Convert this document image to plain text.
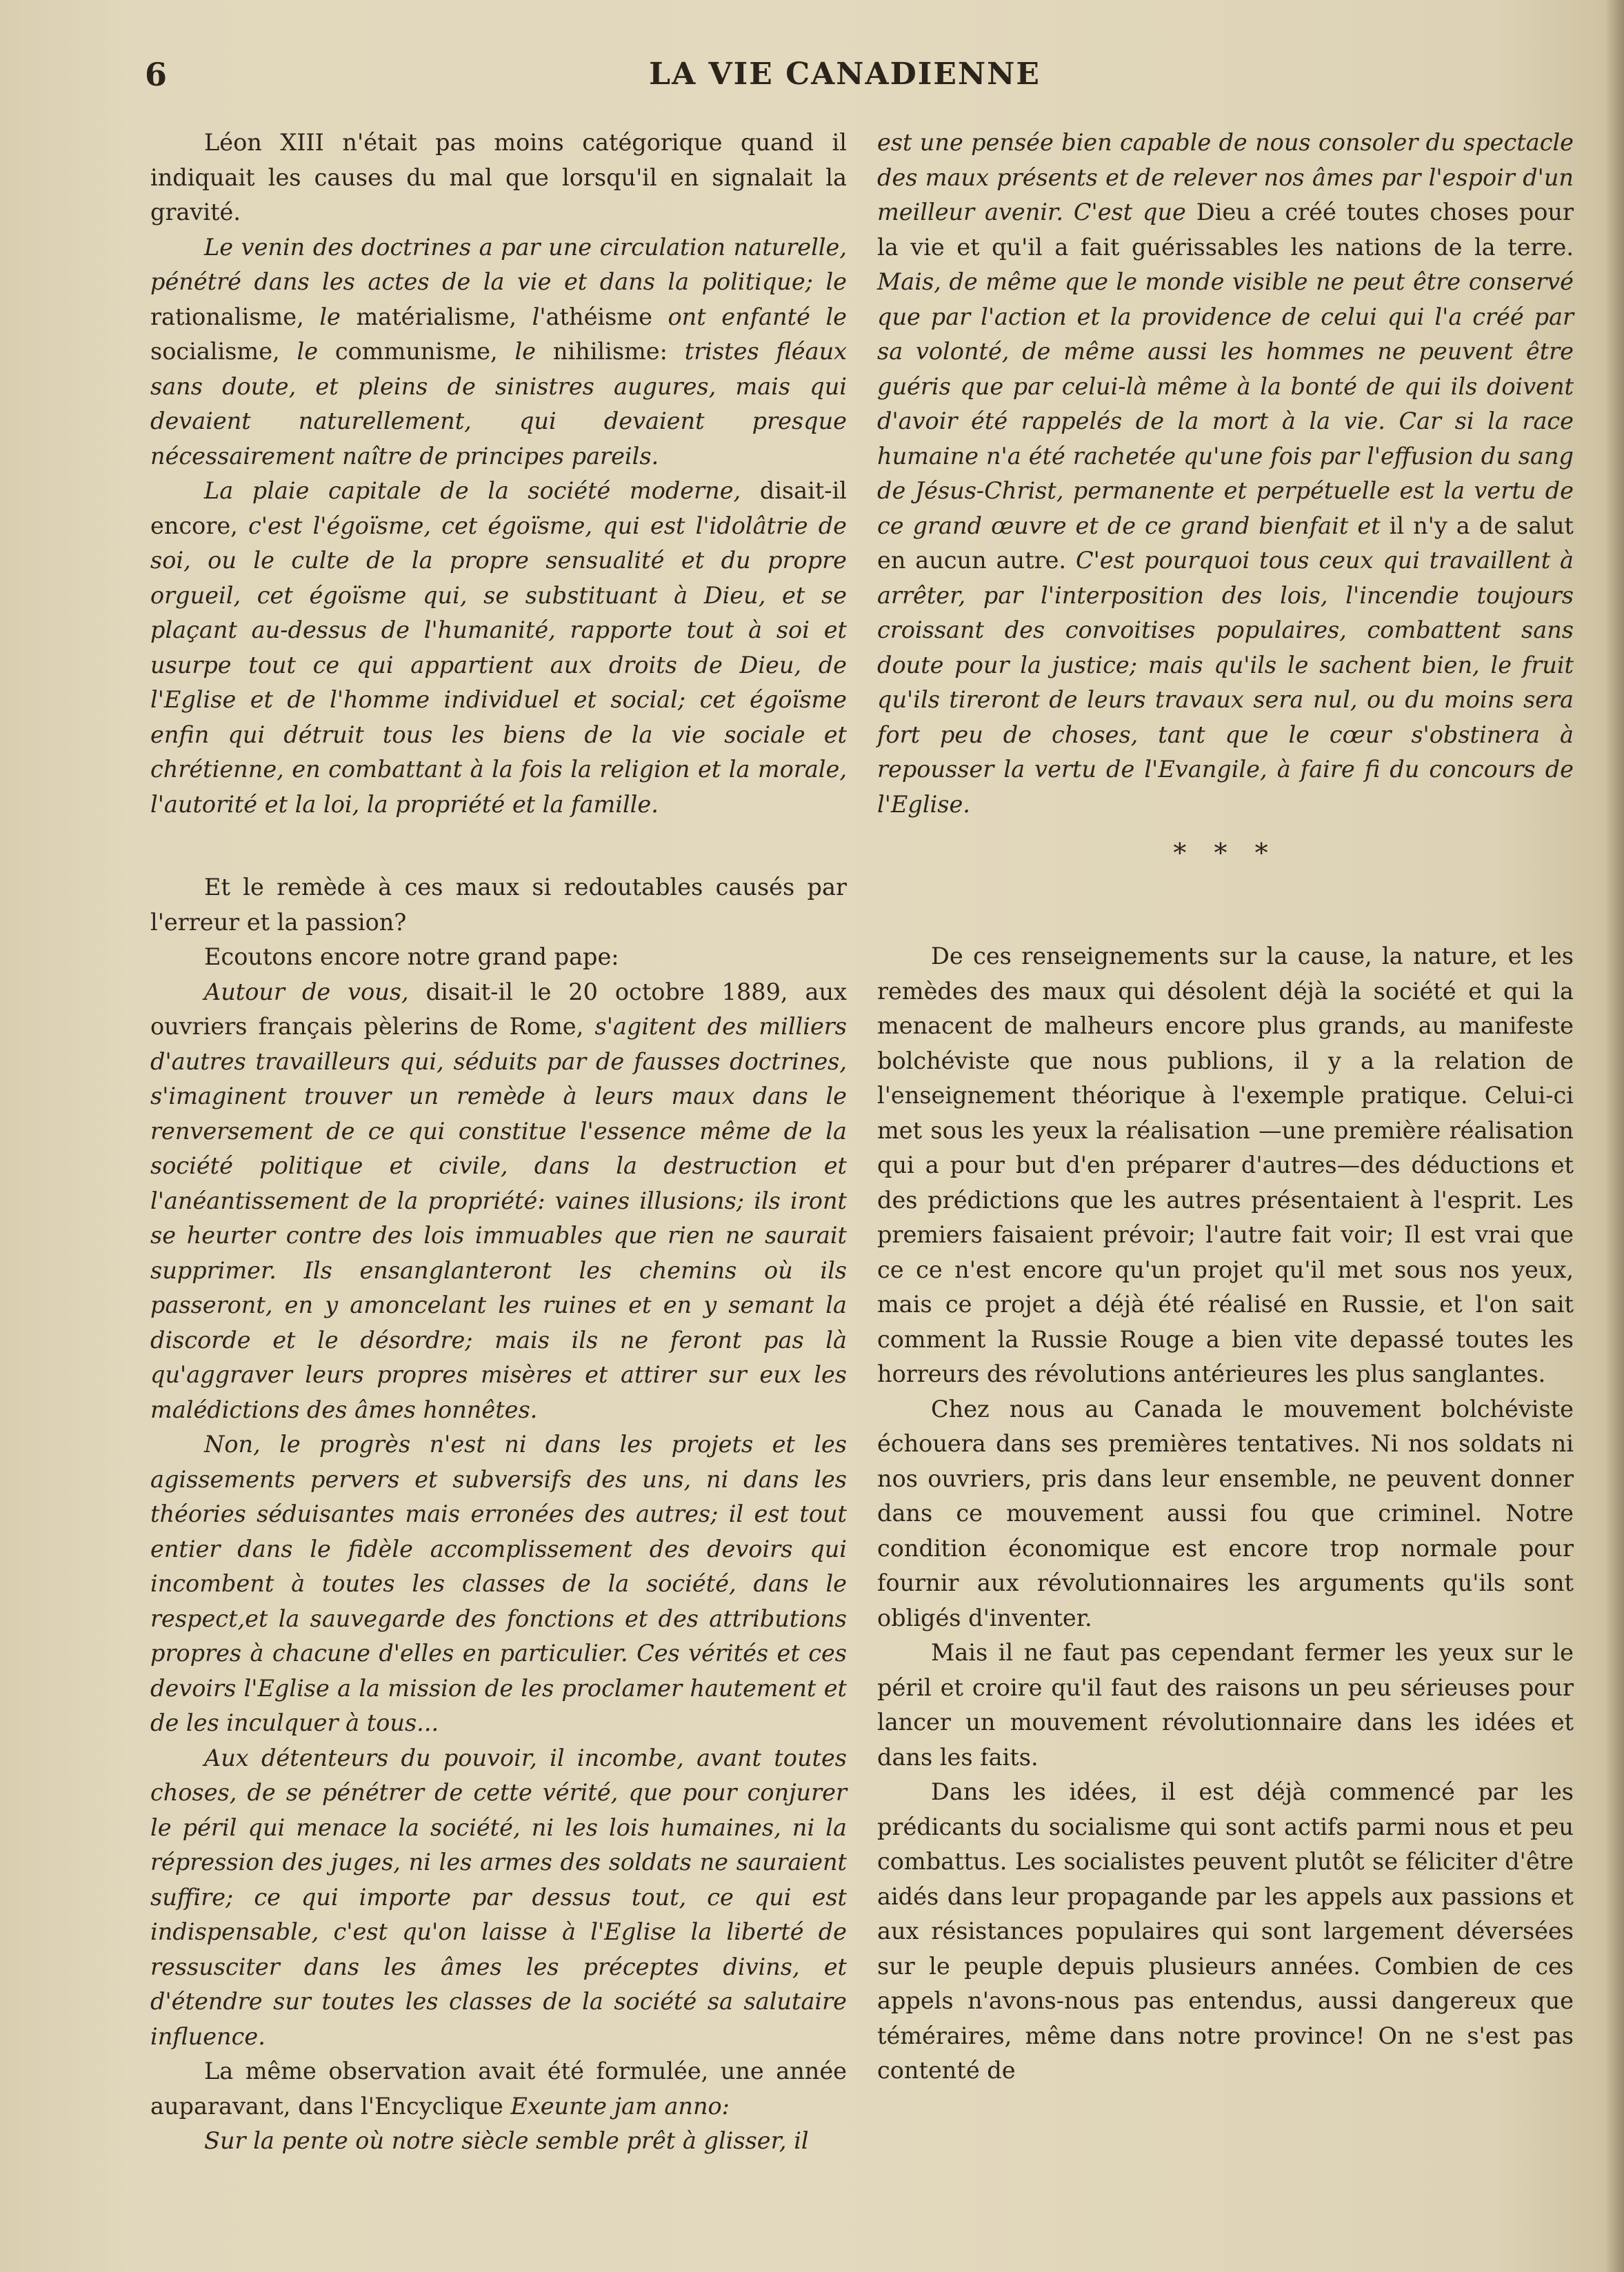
6	LA VIE CANADIENNE

Léon XIII n'était pas moins catégorique quand il indiquait les causes du mal que lorsqu'il en signalait la gravité.

Le venin des doctrines a par une circulation naturelle, pénétré dans les actes de la vie et dans la politique; le rationalisme, le matérialisme, l'athéisme ont enfanté le socialisme, le communisme, le nihilisme: tristes fléaux sans doute, et pleins de sinistres augures, mais qui devaient naturellement, qui devaient presque nécessairement naître de principes pareils.

La plaie capitale de la société moderne, disait-il encore, c'est l'égoïsme, cet égoïsme, qui est l'idolâtrie de soi, ou le culte de la propre sensualité et du propre orgueil, cet égoïsme qui, se substituant à Dieu, et se plaçant au-dessus de l'humanité, rapporte tout à soi et usurpe tout ce qui appartient aux droits de Dieu, de l'Eglise et de l'homme individuel et social; cet égoïsme enfin qui détruit tous les biens de la vie sociale et chrétienne, en combattant à la fois la religion et la morale, l'autorité et la loi, la propriété et la famille.

Et le remède à ces maux si redoutables causés par l'erreur et la passion?

Ecoutons encore notre grand pape:

Autour de vous, disait-il le 20 octobre 1889, aux ouvriers français pèlerins de Rome, s'agitent des milliers d'autres travailleurs qui, séduits par de fausses doctrines, s'imaginent trouver un remède à leurs maux dans le renversement de ce qui constitue l'essence même de la société politique et civile, dans la destruction et l'anéantissement de la propriété: vaines illusions; ils iront se heurter contre des lois immuables que rien ne saurait supprimer. Ils ensanglanteront les chemins où ils passeront, en y amoncelant les ruines et en y semant la discorde et le désordre; mais ils ne feront pas là qu'aggraver leurs propres misères et attirer sur eux les malédictions des âmes honnêtes.

Non, le progrès n'est ni dans les projets et les agissements pervers et subversifs des uns, ni dans les théories séduisantes mais erronées des autres; il est tout entier dans le fidèle accomplissement des devoirs qui incombent à toutes les classes de la société, dans le respect,et la sauvegarde des fonctions et des attributions propres à chacune d'elles en particulier. Ces vérités et ces devoirs l'Eglise a la mission de les proclamer hautement et de les inculquer à tous...

Aux détenteurs du pouvoir, il incombe, avant toutes choses, de se pénétrer de cette vérité, que pour conjurer le péril qui menace la société, ni les lois humaines, ni la répression des juges, ni les armes des soldats ne sauraient suffire; ce qui importe par dessus tout, ce qui est indispensable, c'est qu'on laisse à l'Eglise la liberté de ressusciter dans les âmes les préceptes divins, et d'étendre sur toutes les classes de la société sa salutaire influence.

La même observation avait été formulée, une année auparavant, dans l'Encyclique Exeunte jam anno:

Sur la pente où notre siècle semble prêt à glisser, il

est une pensée bien capable de nous consoler du spectacle des maux présents et de relever nos âmes par l'espoir d'un meilleur avenir. C'est que Dieu a créé toutes choses pour la vie et qu'il a fait guérissables les nations de la terre. Mais, de même que le monde visible ne peut être conservé que par l'action et la providence de celui qui l'a créé par sa volonté, de même aussi les hommes ne peuvent être guéris que par celui-là même à la bonté de qui ils doivent d'avoir été rappelés de la mort à la vie. Car si la race humaine n'a été rachetée qu'une fois par l'effusion du sang de Jésus-Christ, permanente et perpétuelle est la vertu de ce grand œuvre et de ce grand bienfait et il n'y a de salut en aucun autre. C'est pourquoi tous ceux qui travaillent à arrêter, par l'interposition des lois, l'incendie toujours croissant des convoitises populaires, combattent sans doute pour la justice; mais qu'ils le sachent bien, le fruit qu'ils tireront de leurs travaux sera nul, ou du moins sera fort peu de choses, tant que le cœur s'obstinera à repousser la vertu de l'Evangile, à faire fi du concours de l'Eglise.

* * *

De ces renseignements sur la cause, la nature, et les remèdes des maux qui désolent déjà la société et qui la menacent de malheurs encore plus grands, au manifeste bolchéviste que nous publions, il y a la relation de l'enseignement théorique à l'exemple pratique. Celui-ci met sous les yeux la réalisation —une première réalisation qui a pour but d'en préparer d'autres—des déductions et des prédictions que les autres présentaient à l'esprit. Les premiers faisaient prévoir; l'autre fait voir; Il est vrai que ce ce n'est encore qu'un projet qu'il met sous nos yeux, mais ce projet a déjà été réalisé en Russie, et l'on sait comment la Russie Rouge a bien vite depassé toutes les horreurs des révolutions antérieures les plus sanglantes.

Chez nous au Canada le mouvement bolchéviste échouera dans ses premières tentatives. Ni nos soldats ni nos ouvriers, pris dans leur ensemble, ne peuvent donner dans ce mouvement aussi fou que criminel. Notre condition économique est encore trop normale pour fournir aux révolutionnaires les arguments qu'ils sont obligés d'inventer.

Mais il ne faut pas cependant fermer les yeux sur le péril et croire qu'il faut des raisons un peu sérieuses pour lancer un mouvement révolutionnaire dans les idées et dans les faits.

Dans les idées, il est déjà commencé par les prédicants du socialisme qui sont actifs parmi nous et peu combattus. Les socialistes peuvent plutôt se féliciter d'être aidés dans leur propagande par les appels aux passions et aux résistances populaires qui sont largement déversées sur le peuple depuis plusieurs années. Combien de ces appels n'avons-nous pas entendus, aussi dangereux que téméraires, même dans notre province! On ne s'est pas contenté de
